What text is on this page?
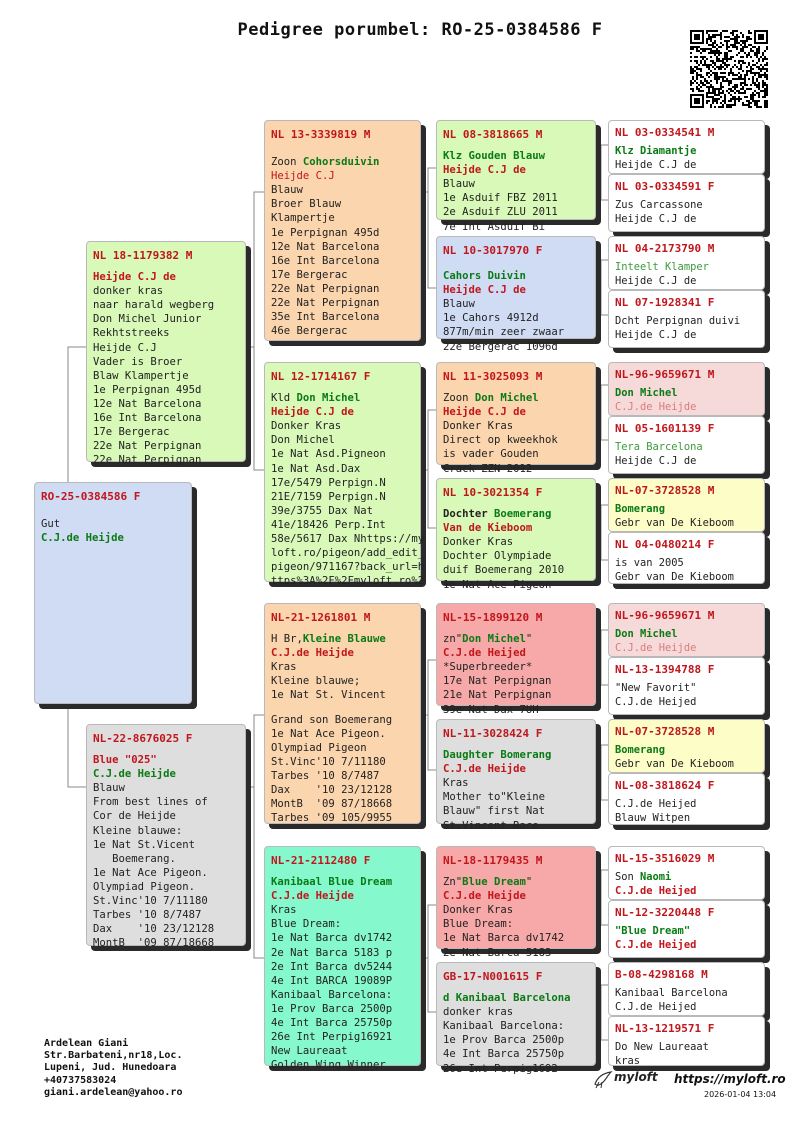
Pedigree porumbel: RO-25-0384586 F
RO-25-0384586 F
Gut
C.J.de Heijde
NL 18-1179382 M
Heijde C.J de
donker kras
naar harald wegberg
Don Michel Junior
Rekhtstreeks
Heijde C.J
Vader is Broer
Blaw Klampertje
1e Perpignan 495d
12e Nat Barcelona
16e Int Barcelona
17e Bergerac
22e Nat Perpignan
22e Nat Perpignan
NL-22-8676025 F
Blue "025"
C.J.de Heijde
Blauw
From best lines of
Cor de Heijde
Kleine blauwe:
1e Nat St.Vicent
Boemerang.
1e Nat Ace Pigeon.
Olympiad Pigeon.
St.Vinc'10 7/11180
Tarbes '10 8/7487
Dax    '10 23/12128
MontB  '09 87/18668
NL 13-3339819 M
Zoon Cohorsduivin
Heijde C.J
Blauw
Broer Blauw
Klampertje
1e Perpignan 495d
12e Nat Barcelona
16e Int Barcelona
17e Bergerac
22e Nat Perpignan
22e Nat Perpignan
35e Int Barcelona
46e Bergerac
NL 12-1714167 F
Kld Don Michel
Heijde C.J de
Donker Kras
Don Michel
1e Nat Asd.Pigneon
1e Nat Asd.Dax
17e/5479 Perpign.N
21E/7159 Perpign.N
39e/3755 Dax Nat
41e/18426 Perp.Int
58e/5617 Dax Nhttps://my
loft.ro/pigeon/add_edit_
pigeon/971167?back_url=h
ttps%3A%2F%2Fmyloft.ro%2
NL-21-1261801 M
H Br,Kleine Blauwe
C.J.de Heijde
Kras
Kleine blauwe;
1e Nat St. Vincent
Grand son Boemerang
1e Nat Ace Pigeon.
Olympiad Pigeon
St.Vinc'10 7/11180
Tarbes '10 8/7487
Dax    '10 23/12128
MontB  '09 87/18668
Tarbes '09 105/9955
NL-21-2112480 F
Kanibaal Blue Dream
C.J.de Heijde
Kras
Blue Dream:
1e Nat Barca dv1742
2e Nat Barca 5183 p
2e Int Barca dv5244
4e Int BARCA 19089P
Kanibaal Barcelona:
1e Prov Barca 2500p
4e Int Barca 25750p
26e Int Perpig16921
New Laureaat
Golden Wing Winner
NL 08-3818665 M
Klz Gouden Blauw
Heijde C.J de
Blauw
1e Asduif FBZ 2011
2e Asduif ZLU 2011
7e Int Asduif Bi
NL 10-3017970 F
Cahors Duivin
Heijde C.J de
Blauw
1e Cahors 4912d
877m/min zeer zwaar
22e Bergerac 1096d
NL 11-3025093 M
Zoon Don Michel
Heijde C.J de
Donker Kras
Direct op kweekhok
is vader Gouden
Crack ZZN 2012
NL 10-3021354 F
Dochter Boemerang
Van de Kieboom
Donker Kras
Dochter Olympiade
duif Boemerang 2010
1e Nat Ace Pigeon
NL-15-1899120 M
zn"Don Michel"
C.J.de Heijed
*Superbreeder*
17e Nat Perpignan
21e Nat Perpignan
39e Nat Dax 7UH
NL-11-3028424 F
Daughter Bomerang
C.J.de Heijde
Kras
Mother to"Kleine
Blauw" first Nat
St.Vincent Race
NL-18-1179435 M
Zn"Blue Dream"
C.J.de Heijde
Donker Kras
Blue Dream:
1e Nat Barca dv1742
2e Nat Barca 5183
GB-17-N001615 F
d Kanibaal Barcelona
donker kras
Kanibaal Barcelona:
1e Prov Barca 2500p
4e Int Barca 25750p
26e Int Perpig1692
NL 03-0334541 M
Klz Diamantje
Heijde C.J de
NL 03-0334591 F
Zus Carcassone
Heijde C.J de
NL 04-2173790 M
Inteelt Klamper
Heijde C.J de
NL 07-1928341 F
Dcht Perpignan duivi
Heijde C.J de
NL-96-9659671 M
Don Michel
C.J.de Heijde
NL 05-1601139 F
Tera Barcelona
Heijde C.J de
NL-07-3728528 M
Bomerang
Gebr van De Kieboom
NL 04-0480214 F
is van 2005
Gebr van De Kieboom
NL-96-9659671 M
Don Michel
C.J.de Heijde
NL-13-1394788 F
"New Favorit"
C.J.de Heijed
NL-07-3728528 M
Bomerang
Gebr van De Kieboom
NL-08-3818624 F
C.J.de Heijed
Blauw Witpen
NL-15-3516029 M
Son Naomi
C.J.de Heijed
NL-12-3220448 F
"Blue Dream"
C.J.de Heijed
B-08-4298168 M
Kanibaal Barcelona
C.J.de Heijed
NL-13-1219571 F
Do New Laureaat
kras
Ardelean Giani
Str.Barbateni,nr18,Loc.
Lupeni, Jud. Hunedoara
+40737583024
giani.ardelean@yahoo.ro
myloft https://myloft.ro
2026-01-04 13:04
